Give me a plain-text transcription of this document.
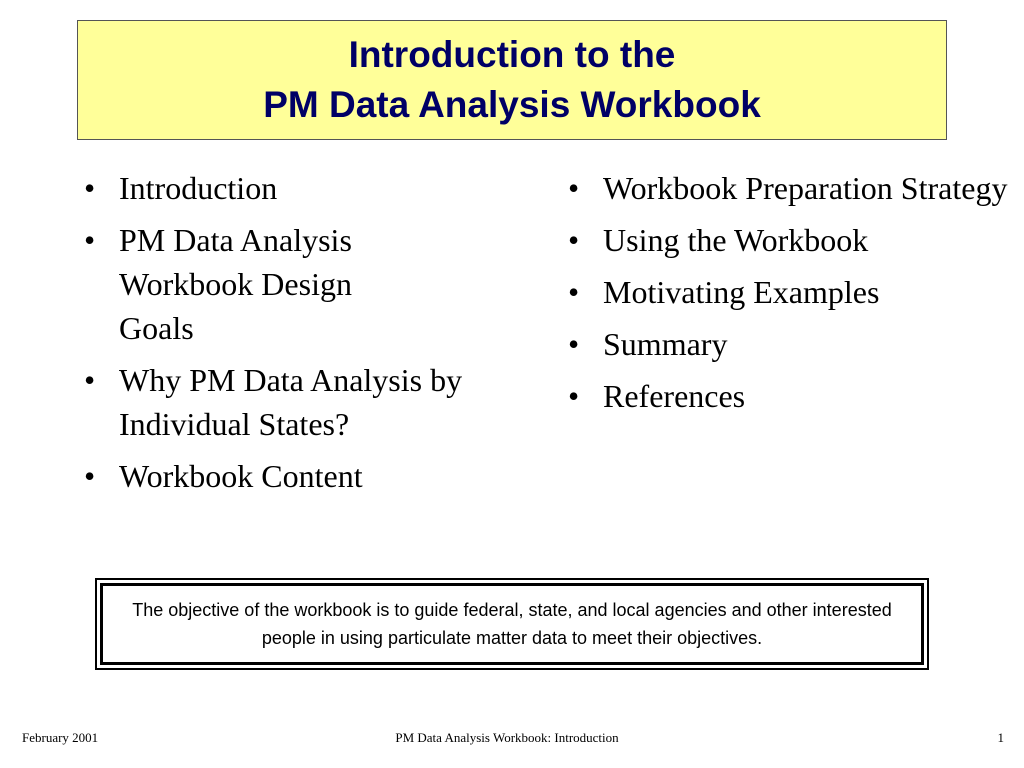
Introduction to the
PM Data Analysis Workbook
• Introduction
• PM Data Analysis Workbook Design Goals
• Why PM Data Analysis by Individual States?
• Workbook Content
• Workbook Preparation Strategy
• Using the Workbook
• Motivating Examples
• Summary
• References
The objective of the workbook is to guide federal, state, and local agencies and other interested people in using particulate matter data to meet their objectives.
February 2001	PM Data Analysis Workbook: Introduction	1
